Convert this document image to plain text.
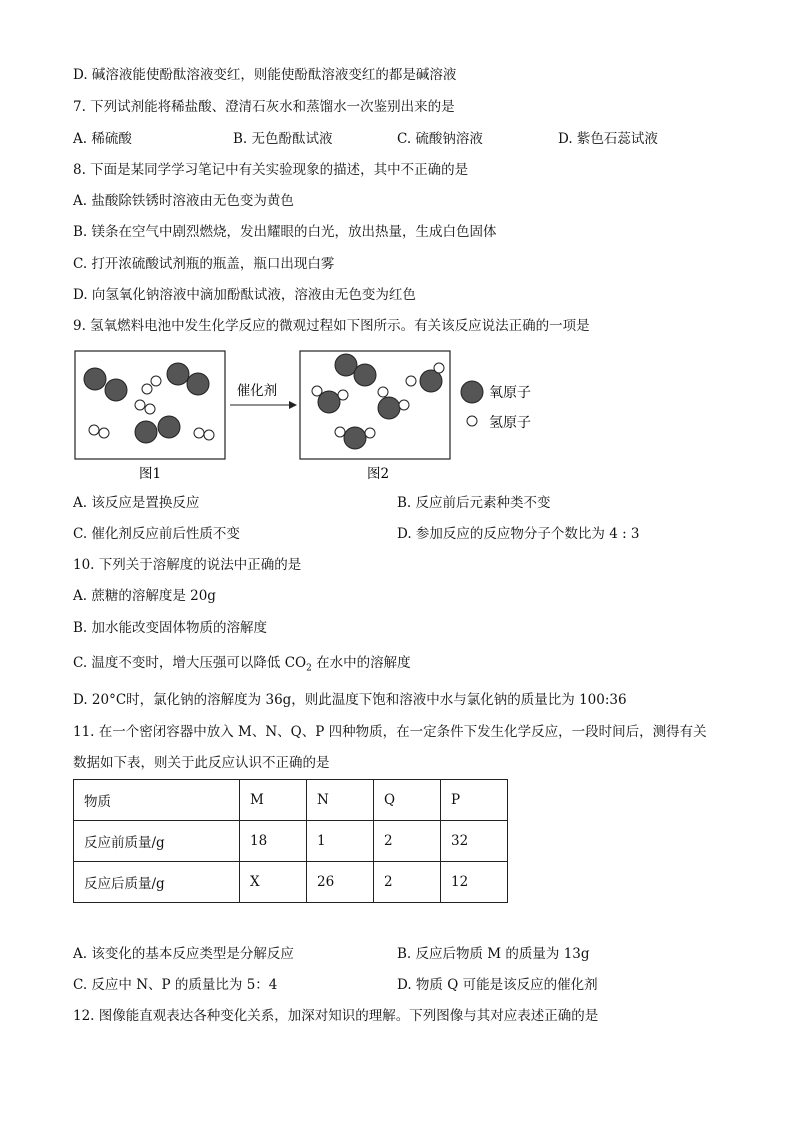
D. 碱溶液能使酚酞溶液变红，则能使酚酞溶液变红的都是碱溶液
7. 下列试剂能将稀盐酸、澄清石灰水和蒸馏水一次鉴别出来的是
A. 稀硫酸	B. 无色酚酞试液	C. 硫酸钠溶液	D. 紫色石蕊试液
8. 下面是某同学学习笔记中有关实验现象的描述，其中不正确的是
A. 盐酸除铁锈时溶液由无色变为黄色
B. 镁条在空气中剧烈燃烧，发出耀眼的白光，放出热量，生成白色固体
C. 打开浓硫酸试剂瓶的瓶盖，瓶口出现白雾
D. 向氢氧化钠溶液中滴加酚酞试液，溶液由无色变为红色
9. 氢氧燃料电池中发生化学反应的微观过程如下图所示。有关该反应说法正确的一项是
图1
催化剂
图2
氧原子
氢原子
A. 该反应是置换反应	B. 反应前后元素种类不变
C. 催化剂反应前后性质不变	D. 参加反应的反应物分子个数比为 4 : 3
10. 下列关于溶解度的说法中正确的是
A. 蔗糖的溶解度是 20g
B. 加水能改变固体物质的溶解度
C. 温度不变时，增大压强可以降低 $CO_2$ 在水中的溶解度
D. 20°C时，氯化钠的溶解度为 36g，则此温度下饱和溶液中水与氯化钠的质量比为 100:36
11. 在一个密闭容器中放入 M、N、Q、P 四种物质，在一定条件下发生化学反应，一段时间后，测得有关
数据如下表，则关于此反应认识不正确的是
物质	M	N	Q	P
反应前质量/g	18	1	2	32
反应后质量/g	X	26	2	12
A. 该变化的基本反应类型是分解反应	B. 反应后物质 M 的质量为 13g
C. 反应中 N、P 的质量比为 5：4	D. 物质 Q 可能是该反应的催化剂
12. 图像能直观表达各种变化关系，加深对知识的理解。下列图像与其对应表述正确的是
